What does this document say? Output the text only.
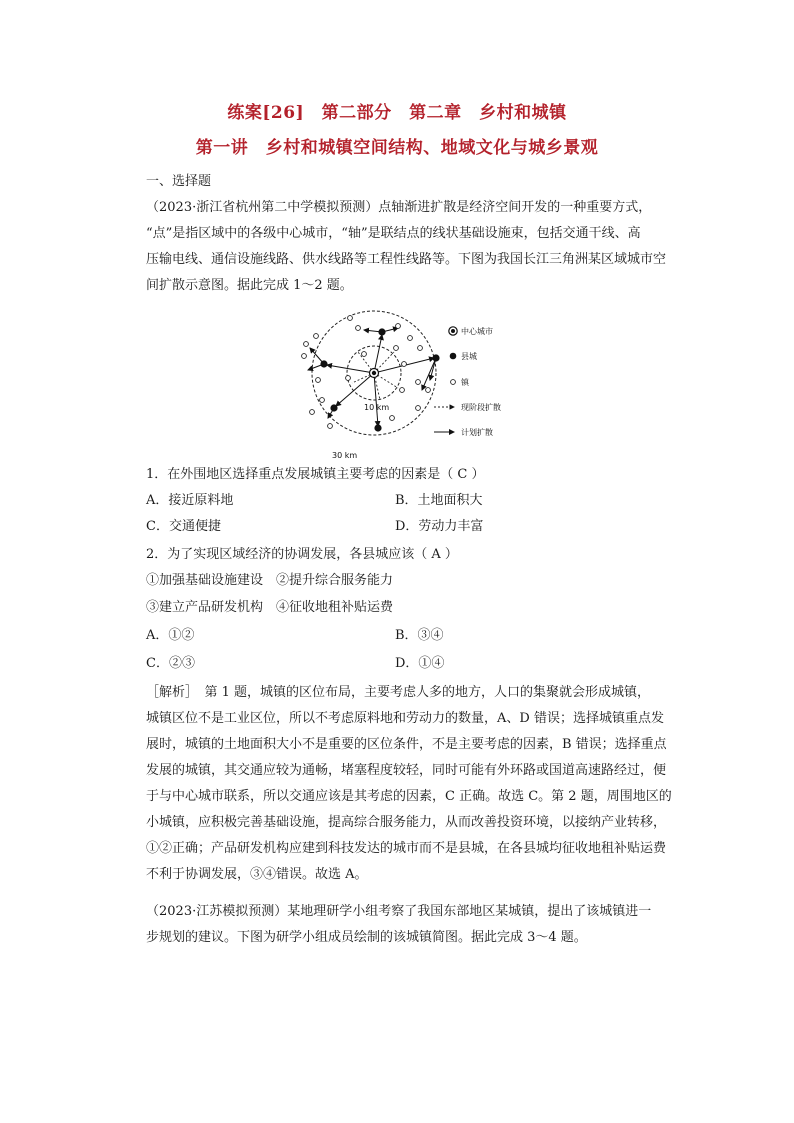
练案[26]　第二部分　第二章　乡村和城镇
第一讲　乡村和城镇空间结构、地域文化与城乡景观
一、选择题
（2023·浙江省杭州第二中学模拟预测）点轴渐进扩散是经济空间开发的一种重要方式，
“点”是指区域中的各级中心城市，“轴”是联结点的线状基础设施束，包括交通干线、高
压输电线、通信设施线路、供水线路等工程性线路等。下图为我国长江三角洲某区域城市空
间扩散示意图。据此完成 1～2 题。
10 km
30 km
中心城市
县城
镇
现阶段扩散
计划扩散
1．在外围地区选择重点发展城镇主要考虑的因素是（ C ）
A．接近原料地	B．土地面积大
C．交通便捷	D．劳动力丰富
2．为了实现区域经济的协调发展，各县城应该（ A ）
①加强基础设施建设　②提升综合服务能力
③建立产品研发机构　④征收地租补贴运费
A．①②	B．③④
C．②③	D．①④
［解析］　第 1 题，城镇的区位布局，主要考虑人多的地方，人口的集聚就会形成城镇，
城镇区位不是工业区位，所以不考虑原料地和劳动力的数量，A、D 错误；选择城镇重点发
展时，城镇的土地面积大小不是重要的区位条件，不是主要考虑的因素，B 错误；选择重点
发展的城镇，其交通应较为通畅，堵塞程度较轻，同时可能有外环路或国道高速路经过，便
于与中心城市联系，所以交通应该是其考虑的因素，C 正确。故选 C。第 2 题，周围地区的
小城镇，应积极完善基础设施，提高综合服务能力，从而改善投资环境，以接纳产业转移，
①②正确；产品研发机构应建到科技发达的城市而不是县城，在各县城均征收地租补贴运费
不利于协调发展，③④错误。故选 A。
（2023·江苏模拟预测）某地理研学小组考察了我国东部地区某城镇，提出了该城镇进一
步规划的建议。下图为研学小组成员绘制的该城镇简图。据此完成 3～4 题。
